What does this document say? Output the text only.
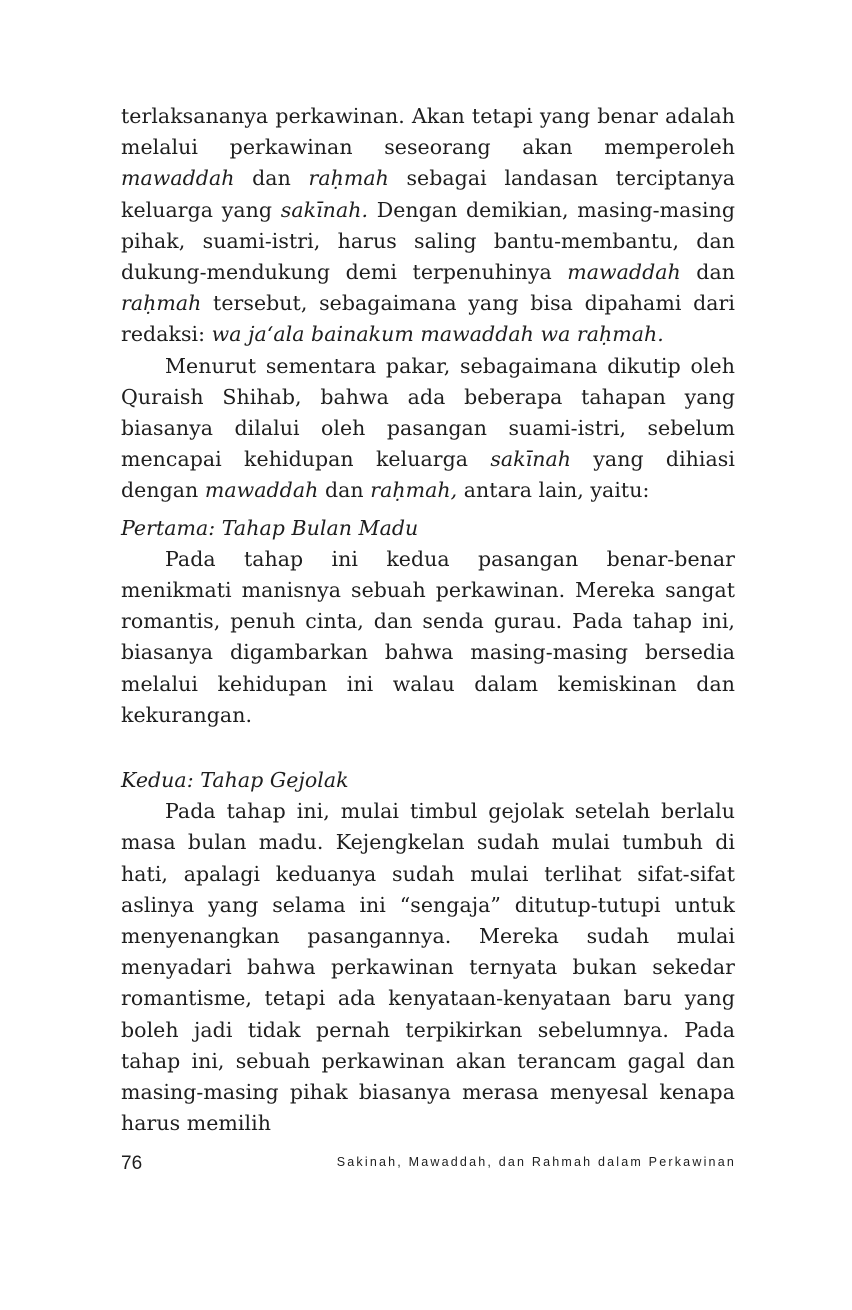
terlaksananya perkawinan. Akan tetapi yang benar adalah melalui perkawinan seseorang akan memperoleh mawaddah dan raḥmah sebagai landasan terciptanya keluarga yang sakīnah. Dengan demikian, masing-masing pihak, suami-istri, harus saling bantu-membantu, dan dukung-mendukung demi terpenuhinya mawaddah dan raḥmah tersebut, sebagaimana yang bisa dipahami dari redaksi: wa ja‘ala bainakum mawaddah wa raḥmah.

Menurut sementara pakar, sebagaimana dikutip oleh Quraish Shihab, bahwa ada beberapa tahapan yang biasanya dilalui oleh pasangan suami-istri, sebelum mencapai kehidupan keluarga sakīnah yang dihiasi dengan mawaddah dan raḥmah, antara lain, yaitu:

Pertama: Tahap Bulan Madu

Pada tahap ini kedua pasangan benar-benar menikmati manisnya sebuah perkawinan. Mereka sangat romantis, penuh cinta, dan senda gurau. Pada tahap ini, biasanya digambarkan bahwa masing-masing bersedia melalui kehidupan ini walau dalam kemiskinan dan kekurangan.

Kedua: Tahap Gejolak

Pada tahap ini, mulai timbul gejolak setelah berlalu masa bulan madu. Kejengkelan sudah mulai tumbuh di hati, apalagi keduanya sudah mulai terlihat sifat-sifat aslinya yang selama ini “sengaja” ditutup-tutupi untuk menyenangkan pasangannya. Mereka sudah mulai menyadari bahwa perkawinan ternyata bukan sekedar romantisme, tetapi ada kenyataan-kenyataan baru yang boleh jadi tidak pernah terpikirkan sebelumnya. Pada tahap ini, sebuah perkawinan akan terancam gagal dan masing-masing pihak biasanya merasa menyesal kenapa harus memilih

76	Sakinah, Mawaddah, dan Rahmah dalam Perkawinan
